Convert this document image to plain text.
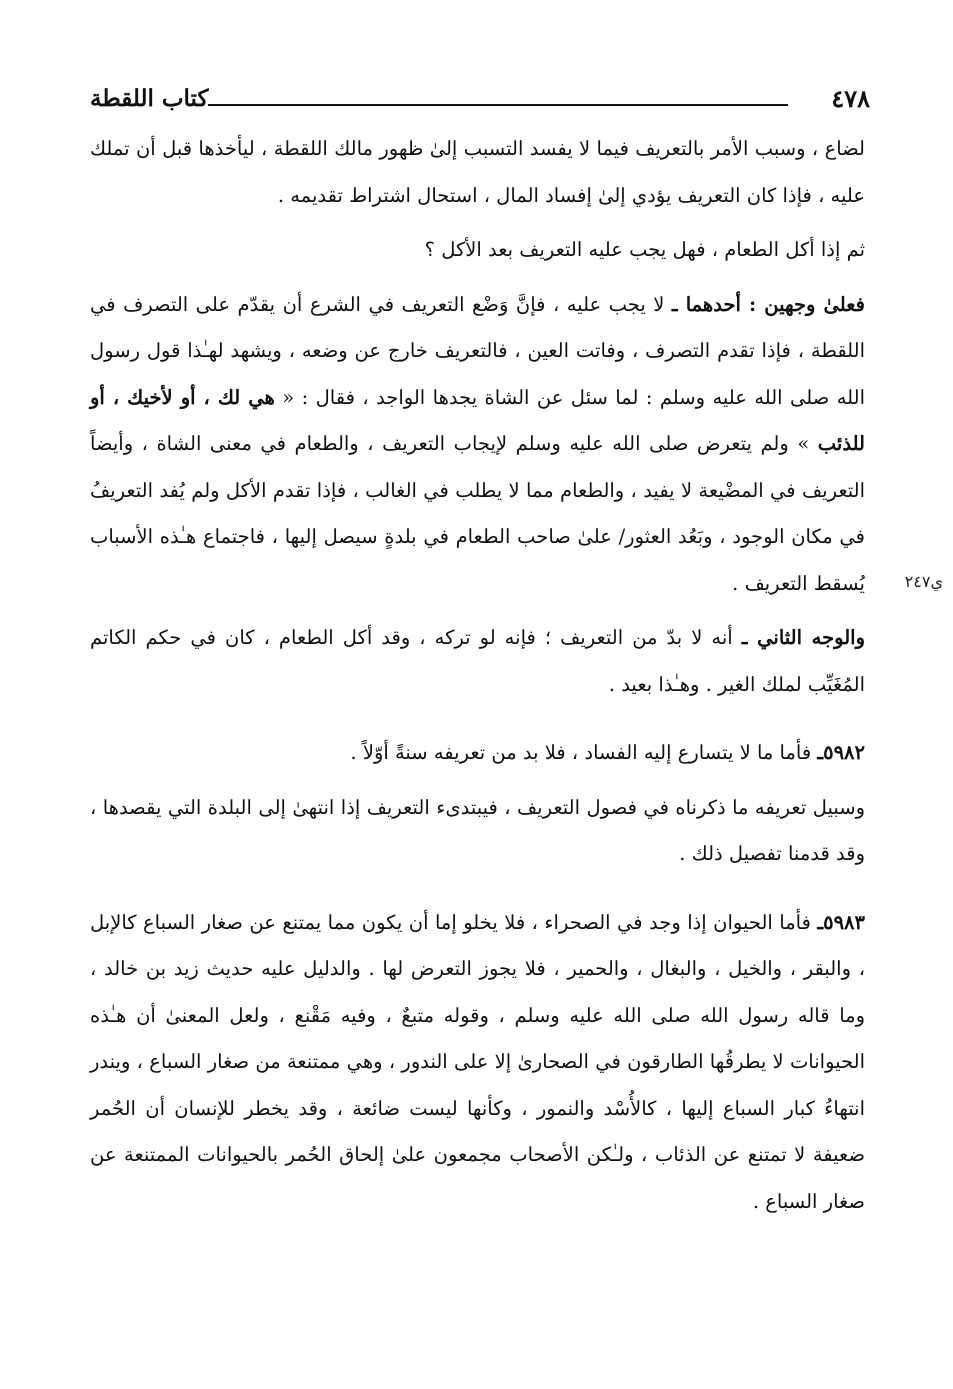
٤٧٨
كتاب اللقطة
ي٢٤٧

لضاع ، وسبب الأمر بالتعريف فيما لا يفسد التسبب إلىٰ ظهور مالك اللقطة ، ليأخذها قبل أن تملك عليه ، فإذا كان التعريف يؤدي إلىٰ إفساد المال ، استحال اشتراط تقديمه .

ثم إذا أكل الطعام ، فهل يجب عليه التعريف بعد الأكل ؟

فعلىٰ وجهين : أحدهما ـ لا يجب عليه ، فإنَّ وَضْع التعريف في الشرع أن يقدّم على التصرف في اللقطة ، فإذا تقدم التصرف ، وفاتت العين ، فالتعريف خارج عن وضعه ، ويشهد لهـٰذا قول رسول الله صلى الله عليه وسلم : لما سئل عن الشاة يجدها الواجد ، فقال : « هي لك ، أو لأخيك ، أو للذئب » ولم يتعرض صلى الله عليه وسلم لإيجاب التعريف ، والطعام في معنى الشاة ، وأيضاً التعريف في المضْيعة لا يفيد ، والطعام مما لا يطلب في الغالب ، فإذا تقدم الأكل ولم يُفد التعريفُ في مكان الوجود ، وبَعُد العثور/ علىٰ صاحب الطعام في بلدةٍ سيصل إليها ، فاجتماع هـٰذه الأسباب يُسقط التعريف .

والوجه الثاني ـ أنه لا بدّ من التعريف ؛ فإنه لو تركه ، وقد أكل الطعام ، كان في حكم الكاتم المُغَيِّب لملك الغير . وهـٰذا بعيد .

٥٩٨٢ـ فأما ما لا يتسارع إليه الفساد ، فلا بد من تعريفه سنةً أوّلاً .

وسبيل تعريفه ما ذكرناه في فصول التعريف ، فيبتدىء التعريف إذا انتهىٰ إلى البلدة التي يقصدها ، وقد قدمنا تفصيل ذلك .

٥٩٨٣ـ فأما الحيوان إذا وجد في الصحراء ، فلا يخلو إما أن يكون مما يمتنع عن صغار السباع كالإبل ، والبقر ، والخيل ، والبغال ، والحمير ، فلا يجوز التعرض لها . والدليل عليه حديث زيد بن خالد ، وما قاله رسول الله صلى الله عليه وسلم ، وقوله متبعٌ ، وفيه مَقْنع ، ولعل المعنىٰ أن هـٰذه الحيوانات لا يطرقُها الطارقون في الصحارىٰ إلا على الندور ، وهي ممتنعة من صغار السباع ، ويندر انتهاءُ كبار السباع إليها ، كالأُسْد والنمور ، وكأنها ليست ضائعة ، وقد يخطر للإنسان أن الحُمر ضعيفة لا تمتنع عن الذئاب ، ولـٰكن الأصحاب مجمعون علىٰ إلحاق الحُمر بالحيوانات الممتنعة عن صغار السباع .
